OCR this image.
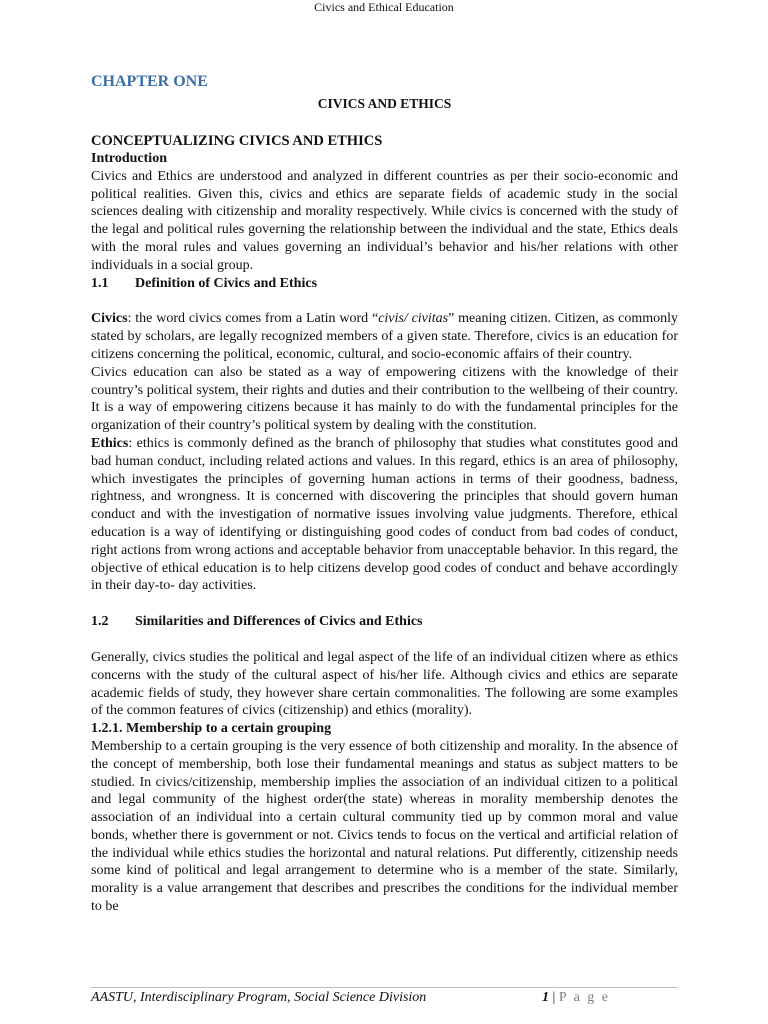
Civics and Ethical Education
CHAPTER ONE
CIVICS AND ETHICS
CONCEPTUALIZING CIVICS AND ETHICS
Introduction

Civics and Ethics are understood and analyzed in different countries as per their socio-economic and political realities. Given this, civics and ethics are separate fields of academic study in the social sciences dealing with citizenship and morality respectively. While civics is concerned with the study of the legal and political rules governing the relationship between the individual and the state, Ethics deals with the moral rules and values governing an individual’s behavior and his/her relations with other individuals in a social group.

1.1 Definition of Civics and Ethics

Civics: the word civics comes from a Latin word “civis/ civitas” meaning citizen. Citizen, as commonly stated by scholars, are legally recognized members of a given state. Therefore, civics is an education for citizens concerning the political, economic, cultural, and socio-economic affairs of their country.

Civics education can also be stated as a way of empowering citizens with the knowledge of their country’s political system, their rights and duties and their contribution to the wellbeing of their country. It is a way of empowering citizens because it has mainly to do with the fundamental principles for the organization of their country’s political system by dealing with the constitution.

Ethics: ethics is commonly defined as the branch of philosophy that studies what constitutes good and bad human conduct, including related actions and values. In this regard, ethics is an area of philosophy, which investigates the principles of governing human actions in terms of their goodness, badness, rightness, and wrongness. It is concerned with discovering the principles that should govern human conduct and with the investigation of normative issues involving value judgments. Therefore, ethical education is a way of identifying or distinguishing good codes of conduct from bad codes of conduct, right actions from wrong actions and acceptable behavior from unacceptable behavior. In this regard, the objective of ethical education is to help citizens develop good codes of conduct and behave accordingly in their day-to- day activities.

1.2 Similarities and Differences of Civics and Ethics

Generally, civics studies the political and legal aspect of the life of an individual citizen where as ethics concerns with the study of the cultural aspect of his/her life. Although civics and ethics are separate academic fields of study, they however share certain commonalities. The following are some examples of the common features of civics (citizenship) and ethics (morality).

1.2.1. Membership to a certain grouping

Membership to a certain grouping is the very essence of both citizenship and morality. In the absence of the concept of membership, both lose their fundamental meanings and status as subject matters to be studied. In civics/citizenship, membership implies the association of an individual citizen to a political and legal community of the highest order(the state) whereas in morality membership denotes the association of an individual into a certain cultural community tied up by common moral and value bonds, whether there is government or not. Civics tends to focus on the vertical and artificial relation of the individual while ethics studies the horizontal and natural relations. Put differently, citizenship needs some kind of political and legal arrangement to determine who is a member of the state. Similarly, morality is a value arrangement that describes and prescribes the conditions for the individual member to be

AASTU, Interdisciplinary Program, Social Science Division	1 | P a g e
